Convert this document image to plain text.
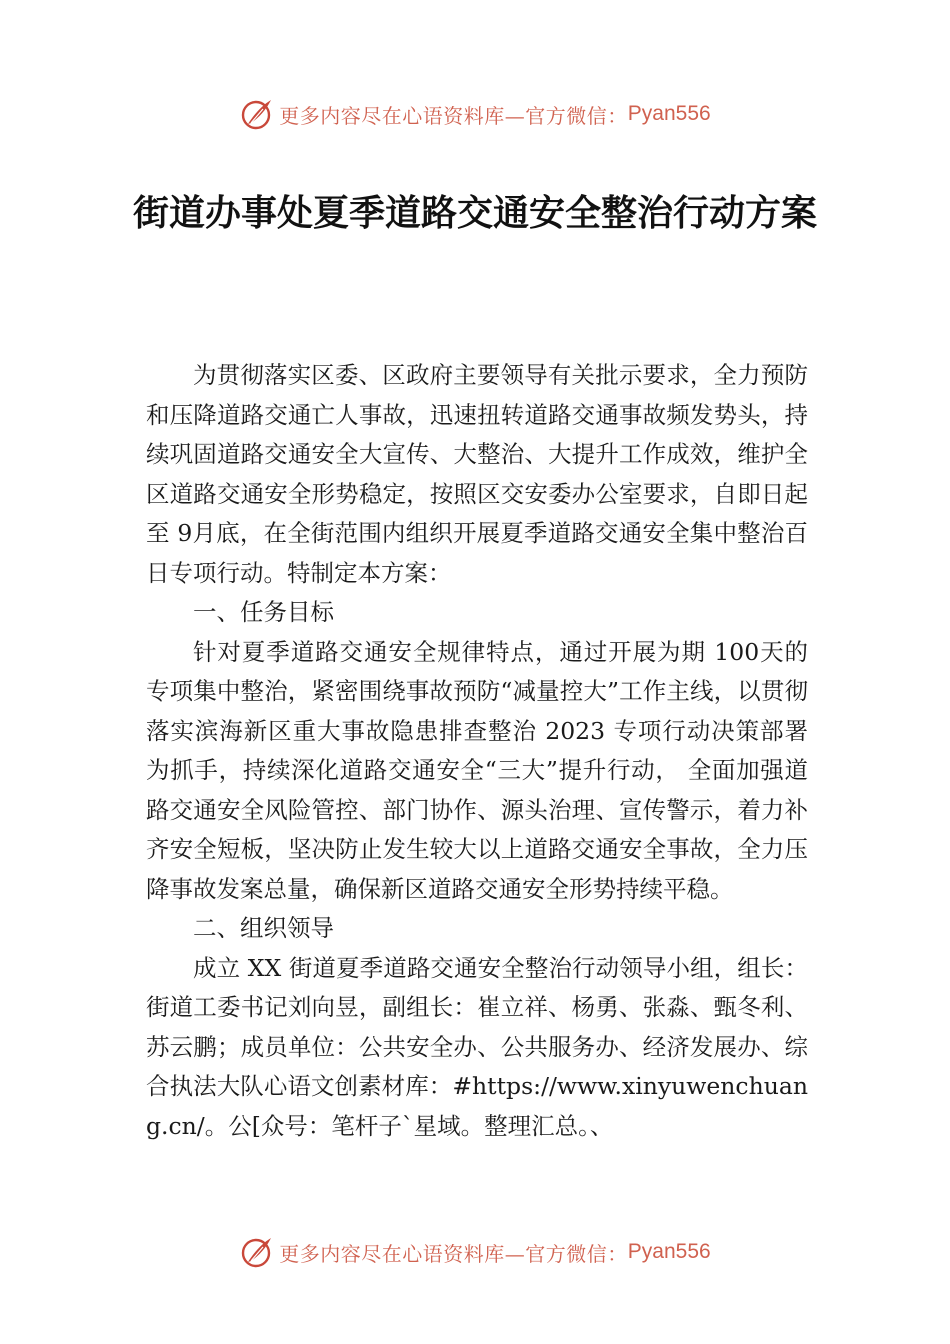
更多内容尽在心语资料库—官方微信： Pyan556
街道办事处夏季道路交通安全整治行动方案

为贯彻落实区委、区政府主要领导有关批示要求，全力预防和压降道路交通亡人事故，迅速扭转道路交通事故频发势头，持续巩固道路交通安全大宣传、大整治、大提升工作成效，维护全区道路交通安全形势稳定，按照区交安委办公室要求，自即日起至 9月底，在全街范围内组织开展夏季道路交通安全集中整治百日专项行动。特制定本方案：

一、任务目标

针对夏季道路交通安全规律特点，通过开展为期 100天的专项集中整治，紧密围绕事故预防“减量控大”工作主线，以贯彻落实滨海新区重大事故隐患排查整治 2023 专项行动决策部署为抓手，持续深化道路交通安全“三大”提升行动， 全面加强道路交通安全风险管控、部门协作、源头治理、宣传警示，着力补齐安全短板，坚决防止发生较大以上道路交通安全事故，全力压降事故发案总量，确保新区道路交通安全形势持续平稳。

二、组织领导

成立 XX 街道夏季道路交通安全整治行动领导小组，组长：街道工委书记刘向昱，副组长：崔立祥、杨勇、张淼、甄冬利、苏云鹏；成员单位：公共安全办、公共服务办、经济发展办、综合执法大队心语文创素材库：#https://www.xinyuwenchuang.cn/。公[众号：笔杆子`星域。整理汇总。、

更多内容尽在心语资料库—官方微信： Pyan556
